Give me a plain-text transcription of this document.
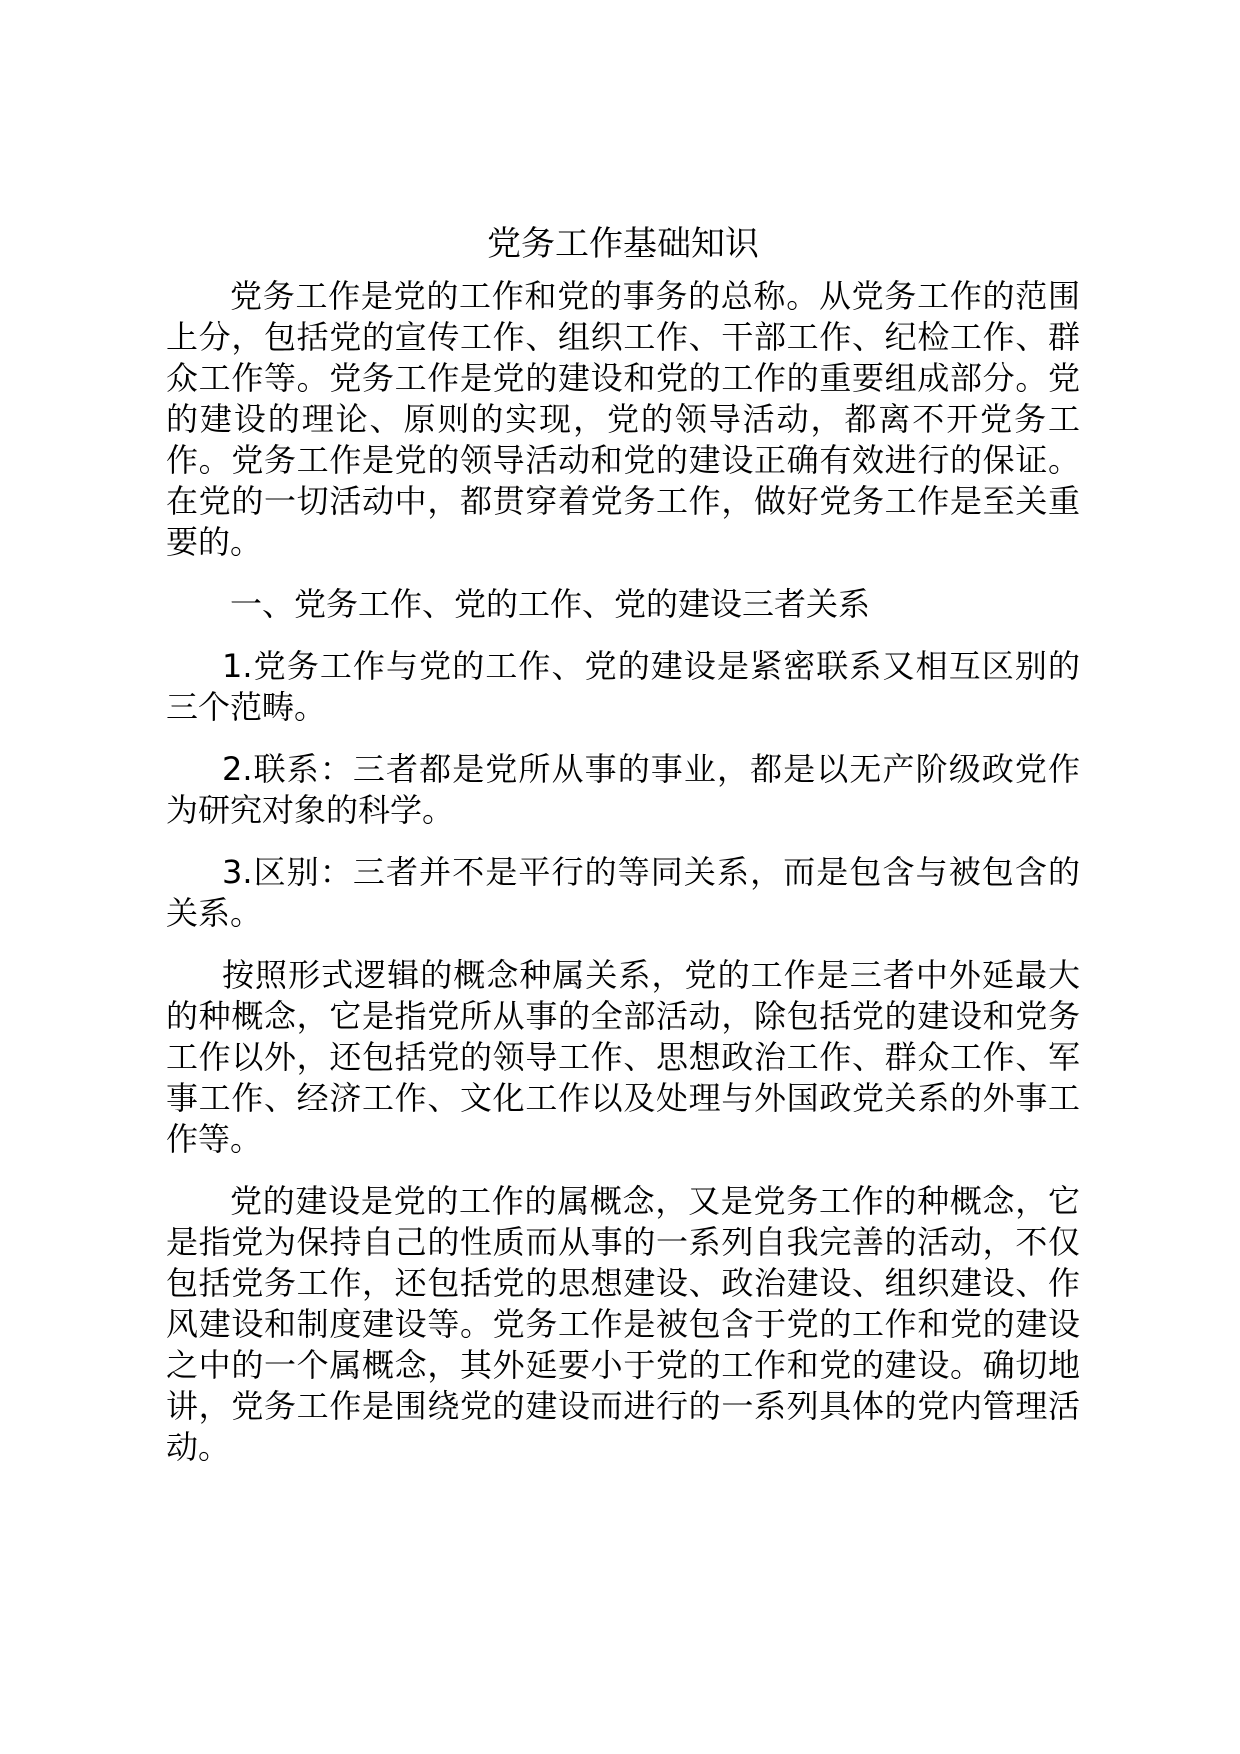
党务工作基础知识

党务工作是党的工作和党的事务的总称。从党务工作的范围上分，包括党的宣传工作、组织工作、干部工作、纪检工作、群众工作等。党务工作是党的建设和党的工作的重要组成部分。党的建设的理论、原则的实现，党的领导活动，都离不开党务工作。党务工作是党的领导活动和党的建设正确有效进行的保证。在党的一切活动中，都贯穿着党务工作，做好党务工作是至关重要的。

一、党务工作、党的工作、党的建设三者关系

1.党务工作与党的工作、党的建设是紧密联系又相互区别的三个范畴。

2.联系：三者都是党所从事的事业，都是以无产阶级政党作为研究对象的科学。

3.区别：三者并不是平行的等同关系，而是包含与被包含的关系。

按照形式逻辑的概念种属关系，党的工作是三者中外延最大的种概念，它是指党所从事的全部活动，除包括党的建设和党务工作以外，还包括党的领导工作、思想政治工作、群众工作、军事工作、经济工作、文化工作以及处理与外国政党关系的外事工作等。

党的建设是党的工作的属概念，又是党务工作的种概念，它是指党为保持自己的性质而从事的一系列自我完善的活动，不仅包括党务工作，还包括党的思想建设、政治建设、组织建设、作风建设和制度建设等。党务工作是被包含于党的工作和党的建设之中的一个属概念，其外延要小于党的工作和党的建设。确切地讲，党务工作是围绕党的建设而进行的一系列具体的党内管理活动。
